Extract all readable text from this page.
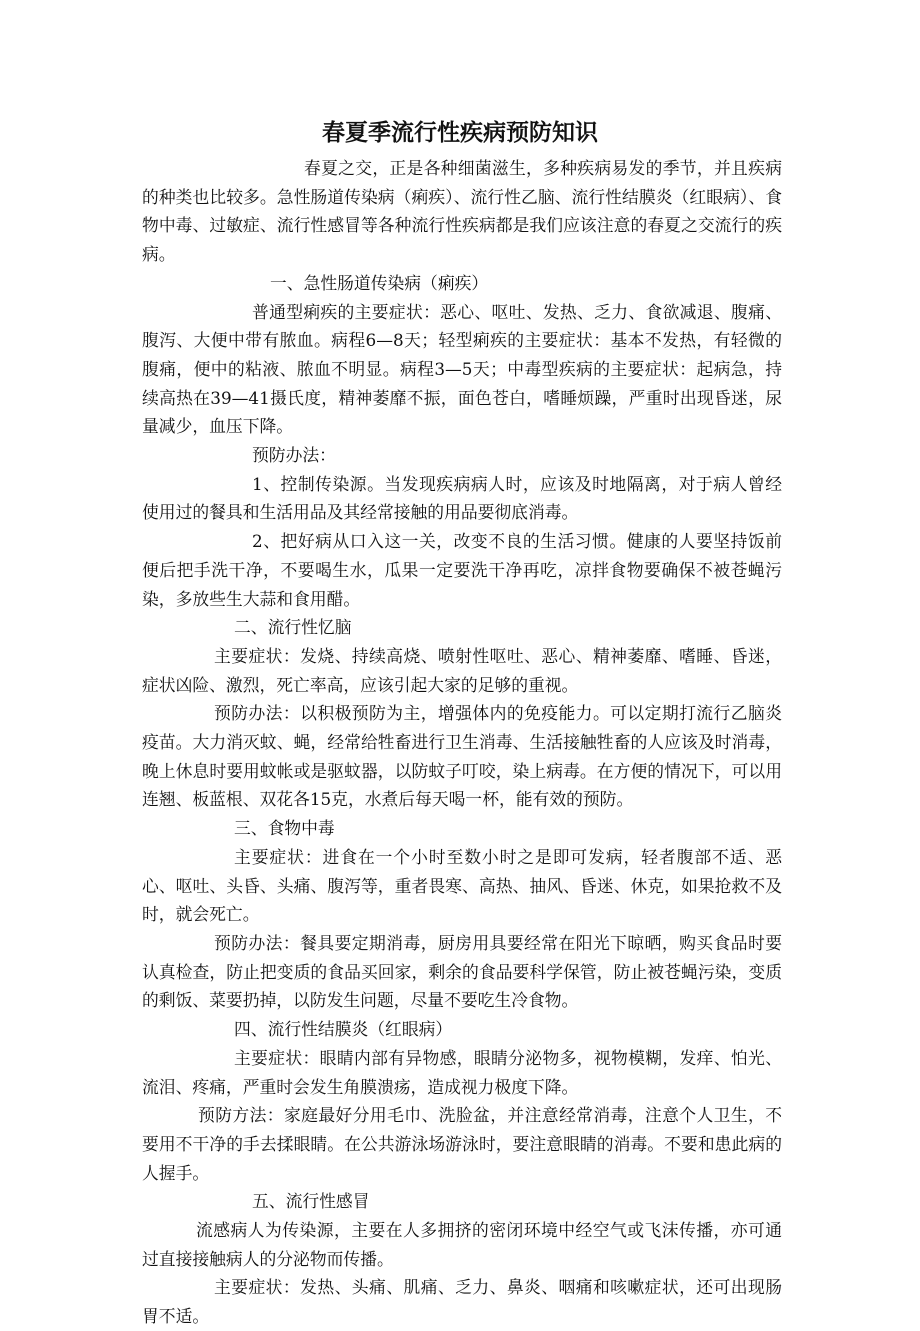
春夏季流行性疾病预防知识

春夏之交，正是各种细菌滋生，多种疾病易发的季节，并且疾病的种类也比较多。急性肠道传染病（痢疾）、流行性乙脑、流行性结膜炎（红眼病）、食物中毒、过敏症、流行性感冒等各种流行性疾病都是我们应该注意的春夏之交流行的疾病。

一、急性肠道传染病（痢疾）

普通型痢疾的主要症状：恶心、呕吐、发热、乏力、食欲减退、腹痛、腹泻、大便中带有脓血。病程6—8天；轻型痢疾的主要症状：基本不发热，有轻微的腹痛，便中的粘液、脓血不明显。病程3—5天；中毒型疾病的主要症状：起病急，持续高热在39—41摄氏度，精神萎靡不振，面色苍白，嗜睡烦躁，严重时出现昏迷，尿量减少，血压下降。

预防办法：

1、控制传染源。当发现疾病病人时，应该及时地隔离，对于病人曾经使用过的餐具和生活用品及其经常接触的用品要彻底消毒。

2、把好病从口入这一关，改变不良的生活习惯。健康的人要坚持饭前便后把手洗干净，不要喝生水，瓜果一定要洗干净再吃，凉拌食物要确保不被苍蝇污染，多放些生大蒜和食用醋。

二、流行性忆脑

主要症状：发烧、持续高烧、喷射性呕吐、恶心、精神萎靡、嗜睡、昏迷，症状凶险、激烈，死亡率高，应该引起大家的足够的重视。

预防办法：以积极预防为主，增强体内的免疫能力。可以定期打流行乙脑炎疫苗。大力消灭蚊、蝇，经常给牲畜进行卫生消毒、生活接触牲畜的人应该及时消毒，晚上休息时要用蚊帐或是驱蚊器，以防蚊子叮咬，染上病毒。在方便的情况下，可以用连翘、板蓝根、双花各15克，水煮后每天喝一杯，能有效的预防。

三、食物中毒

主要症状：进食在一个小时至数小时之是即可发病，轻者腹部不适、恶心、呕吐、头昏、头痛、腹泻等，重者畏寒、高热、抽风、昏迷、休克，如果抢救不及时，就会死亡。

预防办法：餐具要定期消毒，厨房用具要经常在阳光下晾晒，购买食品时要认真检查，防止把变质的食品买回家，剩余的食品要科学保管，防止被苍蝇污染，变质的剩饭、菜要扔掉，以防发生问题，尽量不要吃生冷食物。

四、流行性结膜炎（红眼病）

主要症状：眼睛内部有异物感，眼睛分泌物多，视物模糊，发痒、怕光、流泪、疼痛，严重时会发生角膜溃疡，造成视力极度下降。

预防方法：家庭最好分用毛巾、洗脸盆，并注意经常消毒，注意个人卫生，不要用不干净的手去揉眼睛。在公共游泳场游泳时，要注意眼睛的消毒。不要和患此病的人握手。

五、流行性感冒

流感病人为传染源，主要在人多拥挤的密闭环境中经空气或飞沫传播，亦可通过直接接触病人的分泌物而传播。

主要症状：发热、头痛、肌痛、乏力、鼻炎、咽痛和咳嗽症状，还可出现肠胃不适。
